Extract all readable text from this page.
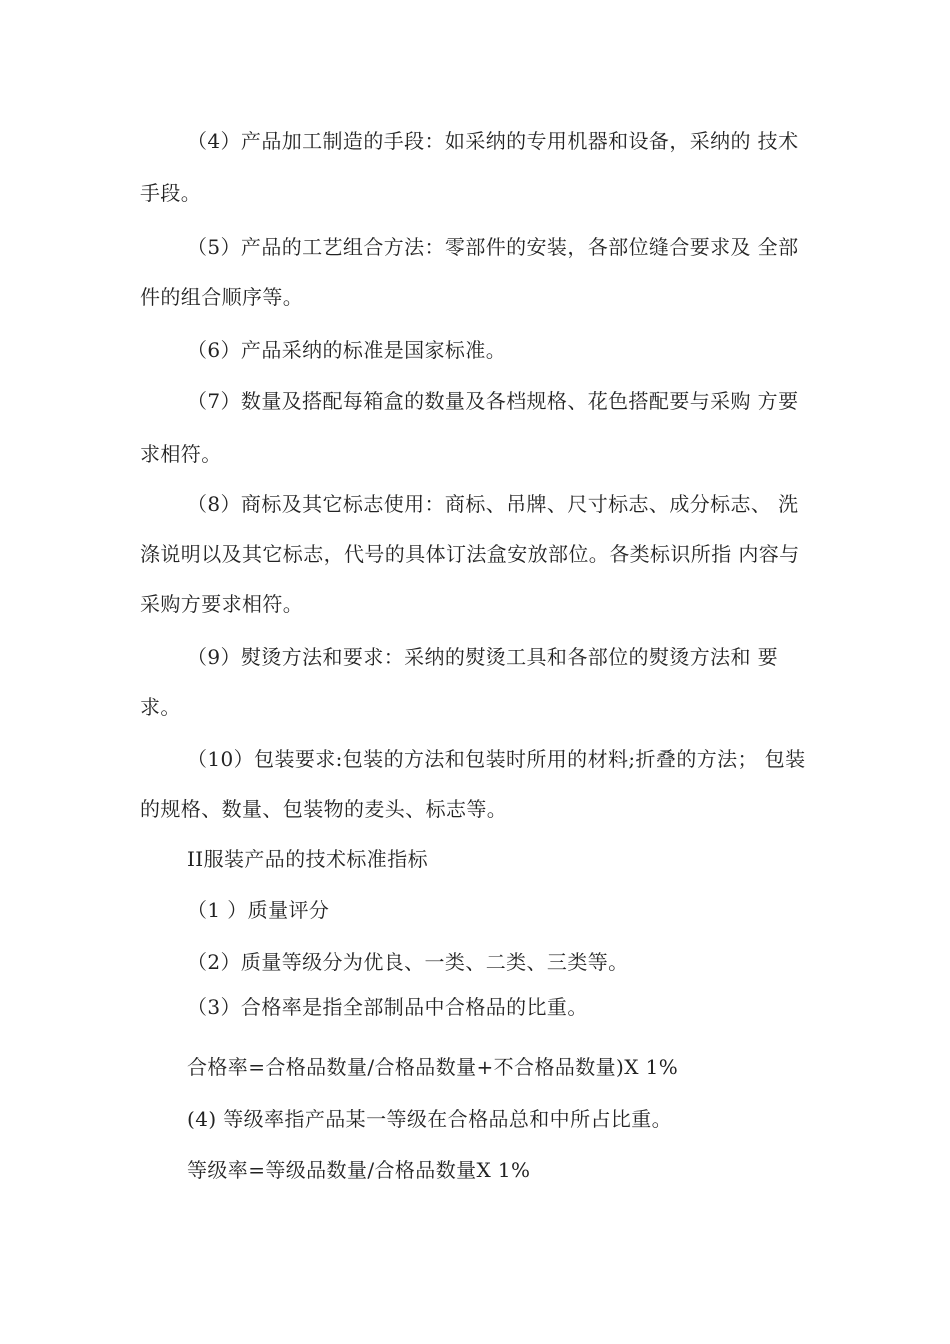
（4）产品加工制造的手段：如采纳的专用机器和设备，采纳的 技术
手段。
（5）产品的工艺组合方法：零部件的安装，各部位缝合要求及 全部
件的组合顺序等。
（6）产品采纳的标准是国家标准。
（7）数量及搭配每箱盒的数量及各档规格、花色搭配要与采购 方要
求相符。
（8）商标及其它标志使用：商标、吊牌、尺寸标志、成分标志、 洗
涤说明以及其它标志，代号的具体订法盒安放部位。各类标识所指 内容与
采购方要求相符。
（9）熨烫方法和要求：采纳的熨烫工具和各部位的熨烫方法和 要
求。
（10）包装要求:包装的方法和包装时所用的材料;折叠的方法； 包装
的规格、数量、包装物的麦头、标志等。
II服装产品的技术标准指标
（1 ）质量评分
（2）质量等级分为优良、一类、二类、三类等。
（3）合格率是指全部制品中合格品的比重。
合格率=合格品数量/合格品数量+不合格品数量)X 1%
(4) 等级率指产品某一等级在合格品总和中所占比重。
等级率=等级品数量/合格品数量X 1%
